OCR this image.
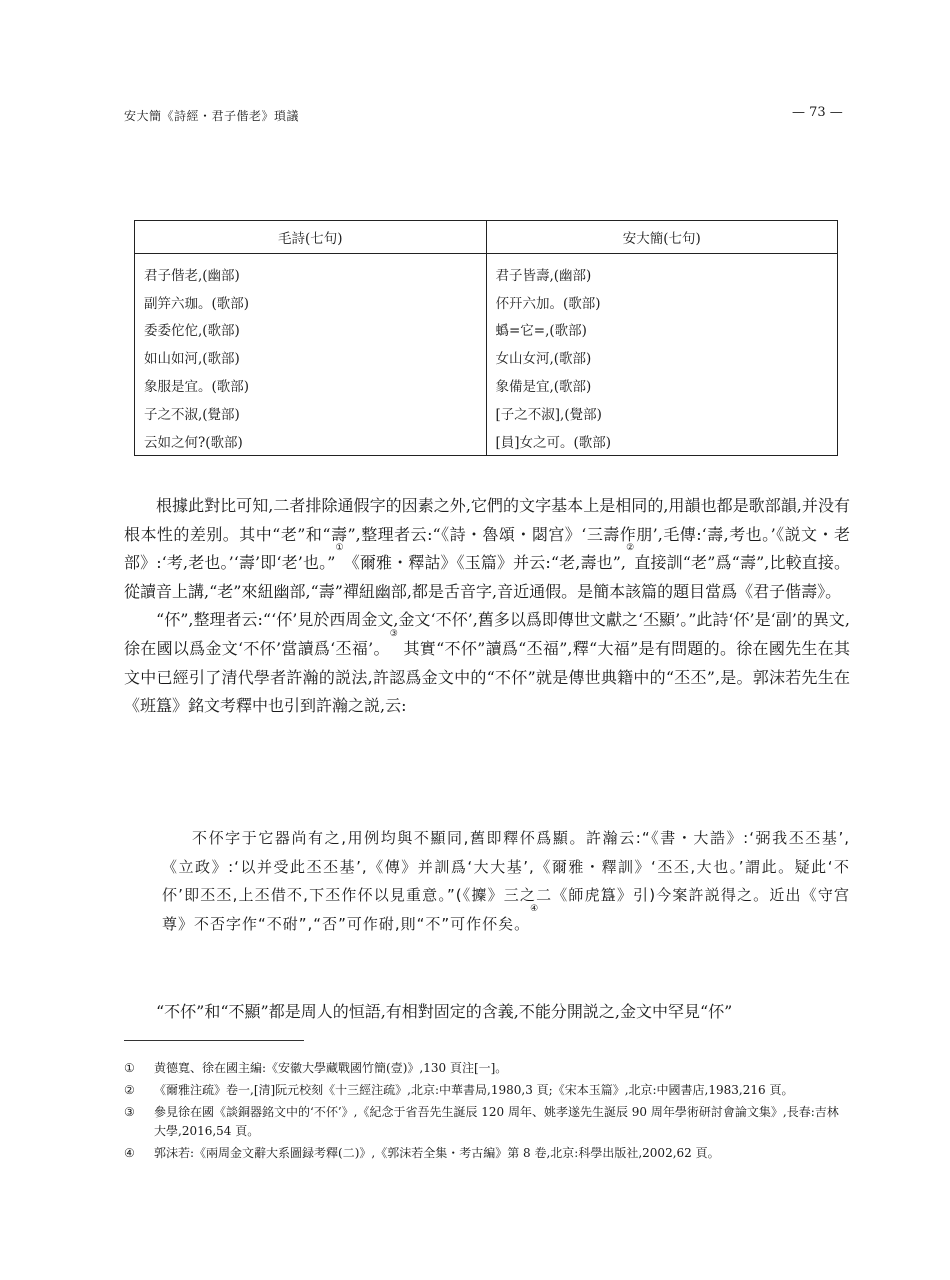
安大簡《詩經・君子偕老》瑣議	— 73 —
毛詩(七句)	安大簡(七句)
君子偕老,(幽部)	君子皆壽,(幽部)
副笄六珈。(歌部)	伓幵六加。(歌部)
委委佗佗,(歌部)	蟡=它=,(歌部)
如山如河,(歌部)	女山女河,(歌部)
象服是宜。(歌部)	象備是宜,(歌部)
子之不淑,(覺部)	[子之不淑],(覺部)
云如之何?(歌部)	[員]女之可。(歌部)

根據此對比可知,二者排除通假字的因素之外,它們的文字基本上是相同的,用韻也都是歌部韻,并没有根本性的差别。其中“老”和“壽”,整理者云:“《詩・魯頌・閟宫》‘三壽作朋’,毛傳:‘壽,考也。’《説文・老部》:‘考,老也。’‘壽’即‘老’也。”①《爾雅・釋詁》《玉篇》并云:“老,壽也”,②直接訓“老”爲“壽”,比較直接。從讀音上講,“老”來紐幽部,“壽”禪紐幽部,都是舌音字,音近通假。是簡本該篇的題目當爲《君子偕壽》。

“伓”,整理者云:“‘伓’見於西周金文,金文‘不伓’,舊多以爲即傳世文獻之‘丕顯’。”此詩‘伓’是‘副’的異文,徐在國以爲金文‘不伓’當讀爲‘丕福’。③ 其實“不伓”讀爲“丕福”,釋“大福”是有問題的。徐在國先生在其文中已經引了清代學者許瀚的説法,許認爲金文中的“不伓”就是傳世典籍中的“丕丕”,是。郭沫若先生在《班簋》銘文考釋中也引到許瀚之説,云:

不伓字于它器尚有之,用例均與不顯同,舊即釋伓爲顯。許瀚云:“《書・大誥》:‘弼我丕丕基’,《立政》:‘以并受此丕丕基’,《傳》并訓爲‘大大基’,《爾雅・釋訓》‘丕丕,大也。’謂此。疑此‘不伓’即丕丕,上丕借不,下丕作伓以見重意。”(《攈》三之二《師虎簋》引)今案許説得之。近出《守宫尊》不否字作“不䂤”,“否”可作䂤,則“不”可作伓矣。④

“不伓”和“不顯”都是周人的恒語,有相對固定的含義,不能分開説之,金文中罕見“伓”
①	黄德寬、徐在國主編:《安徽大學藏戰國竹簡(壹)》,130 頁注[一]。
②	《爾雅注疏》卷一,[清]阮元校刻《十三經注疏》,北京:中華書局,1980,3 頁;《宋本玉篇》,北京:中國書店,1983,216 頁。
③	參見徐在國《談銅器銘文中的‘不伓’》,《紀念于省吾先生誕辰 120 周年、姚孝遂先生誕辰 90 周年學術研討會論文集》,長春:吉林大學,2016,54 頁。
④	郭沫若:《兩周金文辭大系圖録考釋(二)》,《郭沫若全集・考古編》第 8 卷,北京:科學出版社,2002,62 頁。
